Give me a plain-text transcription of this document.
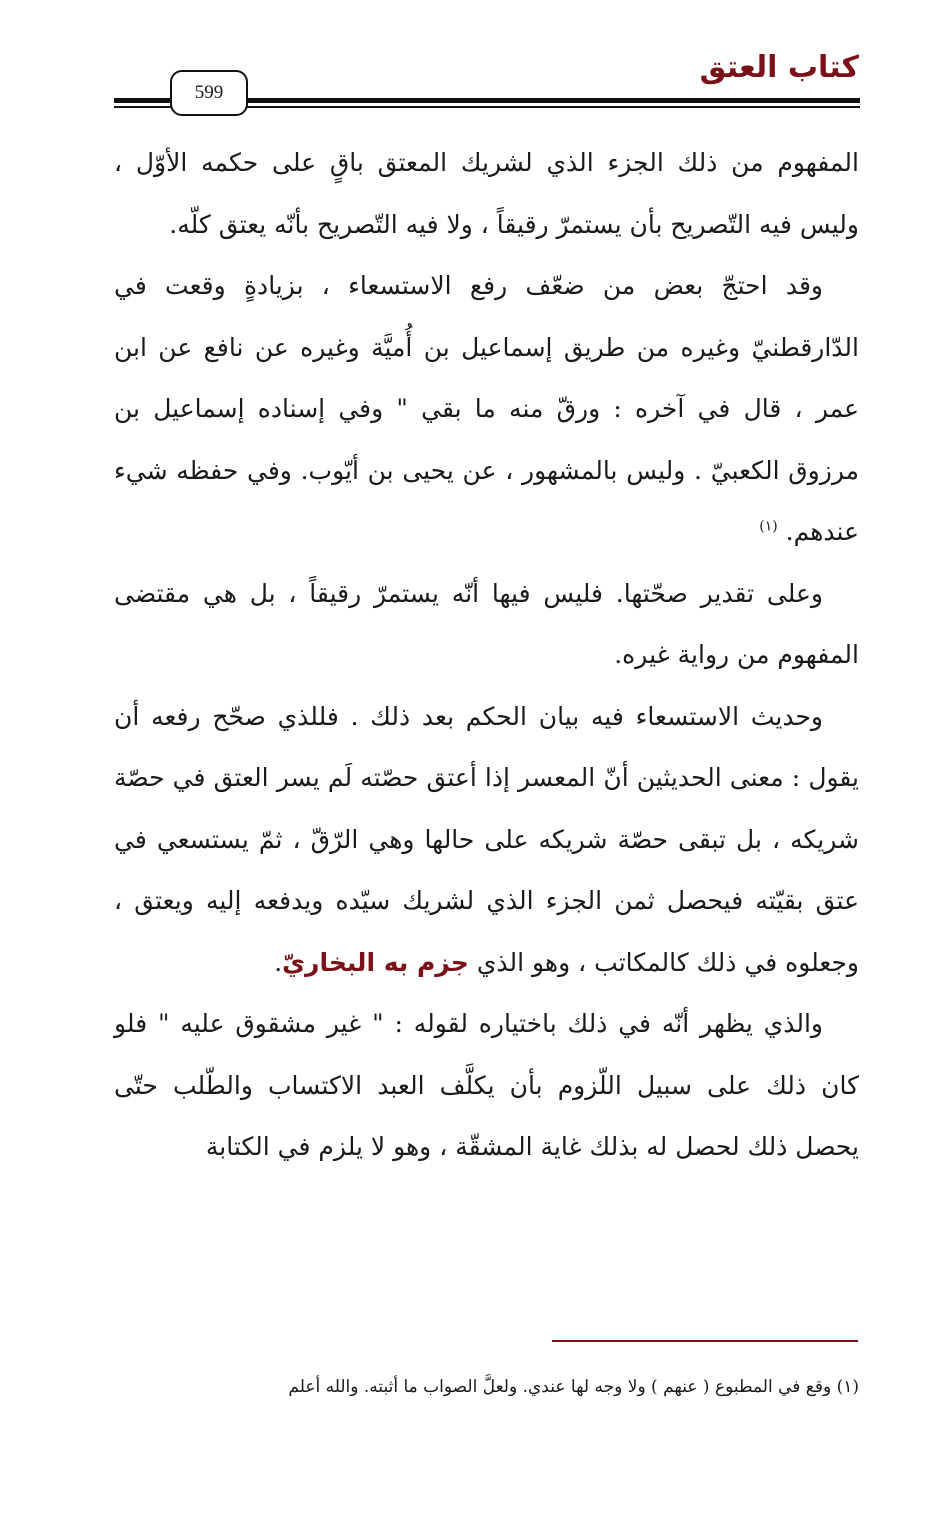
كتاب العتق
599

المفهوم من ذلك الجزء الذي لشريك المعتق باقٍ على حكمه الأوّل ، وليس فيه التّصريح بأن يستمرّ رقيقاً ، ولا فيه التّصريح بأنّه يعتق كلّه.

وقد احتجّ بعض من ضعّف رفع الاستسعاء ، بزيادةٍ وقعت في الدّارقطنيّ وغيره من طريق إسماعيل بن أُميَّة وغيره عن نافع عن ابن عمر ، قال في آخره : ورقّ منه ما بقي " وفي إسناده إسماعيل بن مرزوق الكعبيّ . وليس بالمشهور ، عن يحيى بن أيّوب. وفي حفظه شيء عندهم. $^{(١)}$

وعلى تقدير صحّتها. فليس فيها أنّه يستمرّ رقيقاً ، بل هي مقتضى المفهوم من رواية غيره.

وحديث الاستسعاء فيه بيان الحكم بعد ذلك . فللذي صحّح رفعه أن يقول : معنى الحديثين أنّ المعسر إذا أعتق حصّته لَم يسر العتق في حصّة شريكه ، بل تبقى حصّة شريكه على حالها وهي الرّقّ ، ثمّ يستسعي في عتق بقيّته فيحصل ثمن الجزء الذي لشريك سيّده ويدفعه إليه ويعتق ، وجعلوه في ذلك كالمكاتب ، وهو الذي جزم به البخاريّ.

والذي يظهر أنّه في ذلك باختياره لقوله : " غير مشقوق عليه " فلو كان ذلك على سبيل اللّزوم بأن يكلَّف العبد الاكتساب والطّلب حتّى يحصل ذلك لحصل له بذلك غاية المشقّة ، وهو لا يلزم في الكتابة

(١) وقع في المطبوع ( عنهم ) ولا وجه لها عندي. ولعلَّ الصواب ما أثبته. والله أعلم
